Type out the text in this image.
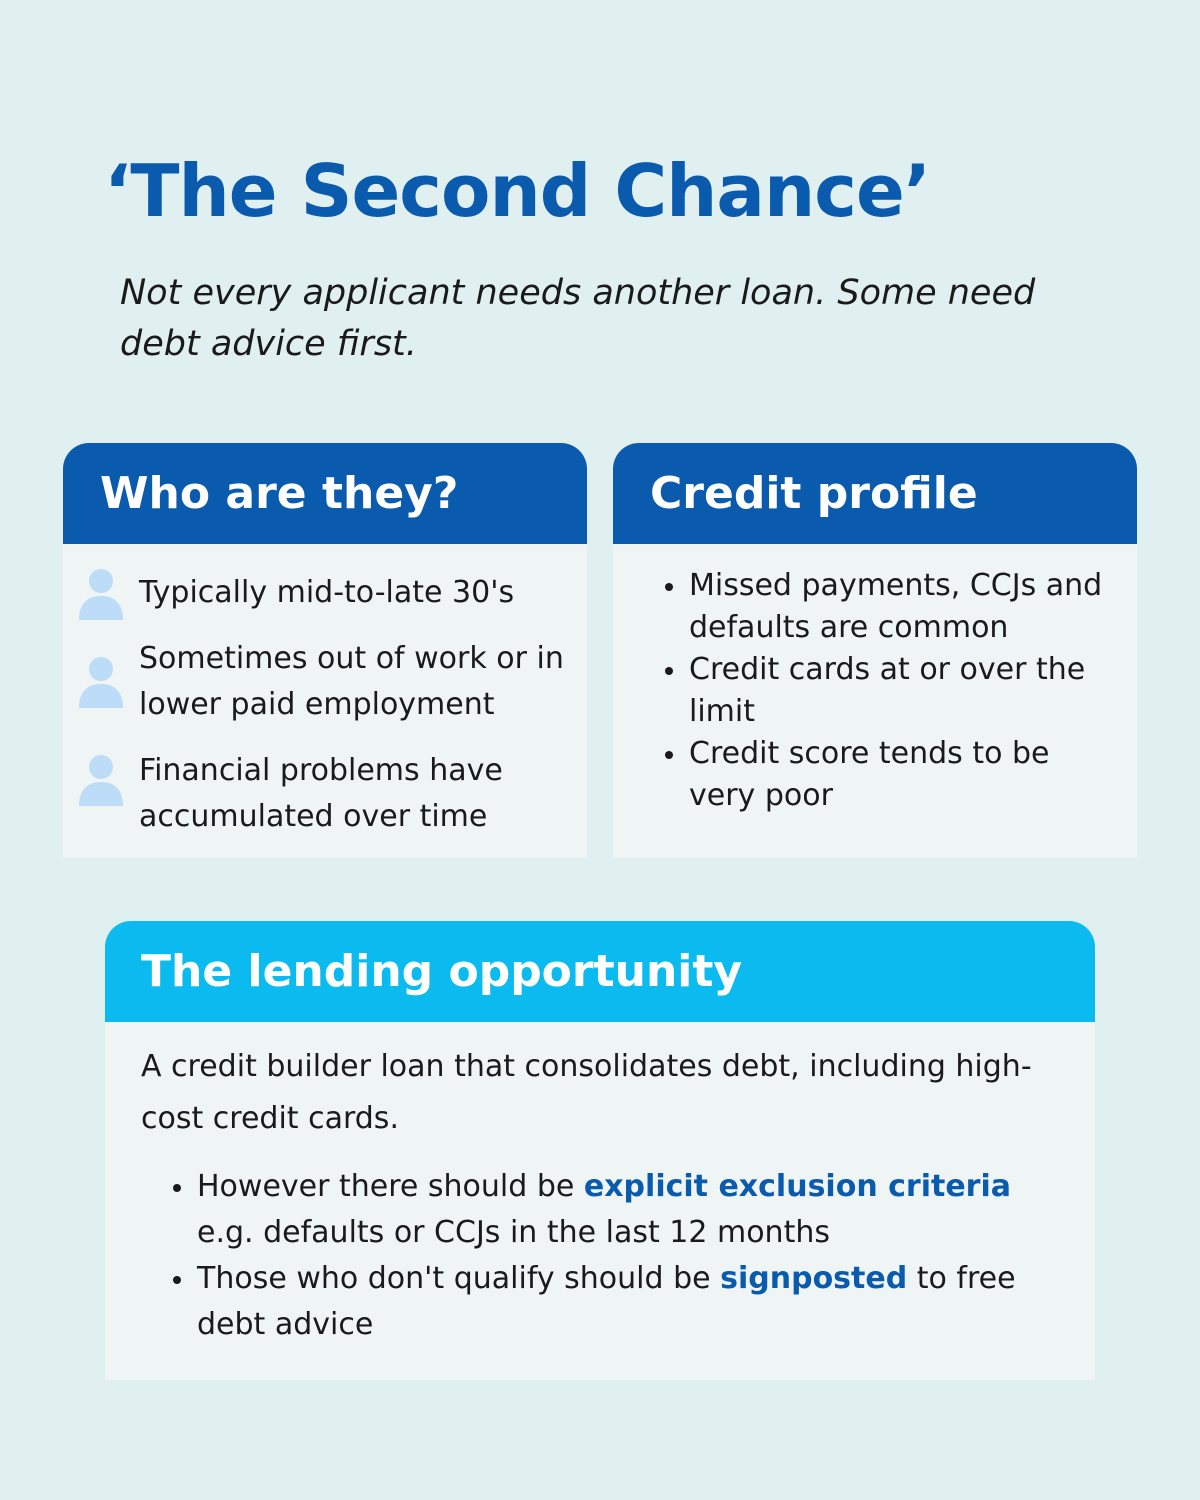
‘The Second Chance’

Not every applicant needs another loan. Some need debt advice first.

Who are they?
Typically mid-to-late 30's
Sometimes out of work or in lower paid employment
Financial problems have accumulated over time
Credit profile
Missed payments, CCJs and defaults are common
Credit cards at or over the limit
Credit score tends to be very poor
The lending opportunity

A credit builder loan that consolidates debt, including high-cost credit cards.

However there should be explicit exclusion criteria e.g. defaults or CCJs in the last 12 months
Those who don't qualify should be signposted to free debt advice
